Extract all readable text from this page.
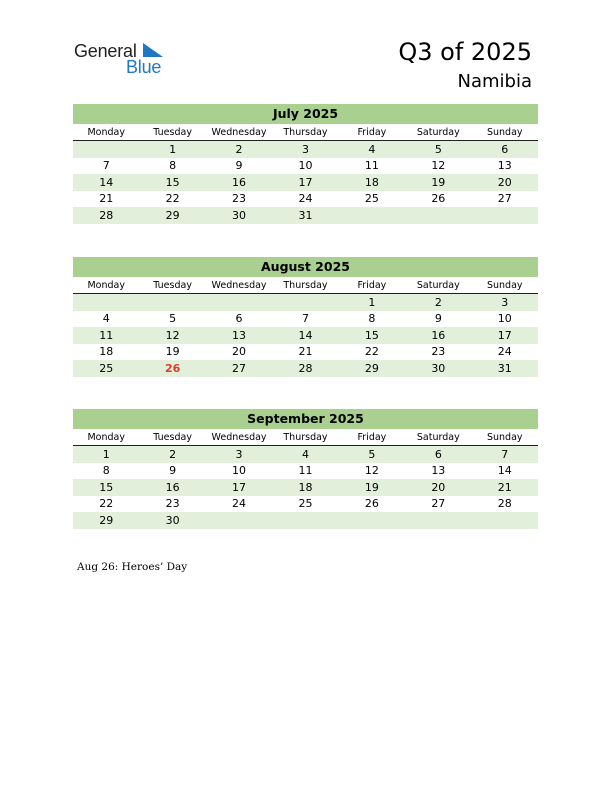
General
Blue
Q3 of 2025
Namibia
July 2025
Monday	Tuesday	Wednesday	Thursday	Friday	Saturday	Sunday
	1	2	3	4	5	6
7	8	9	10	11	12	13
14	15	16	17	18	19	20
21	22	23	24	25	26	27
28	29	30	31			
August 2025
Monday	Tuesday	Wednesday	Thursday	Friday	Saturday	Sunday
				1	2	3
4	5	6	7	8	9	10
11	12	13	14	15	16	17
18	19	20	21	22	23	24
25	26	27	28	29	30	31
September 2025
Monday	Tuesday	Wednesday	Thursday	Friday	Saturday	Sunday
1	2	3	4	5	6	7
8	9	10	11	12	13	14
15	16	17	18	19	20	21
22	23	24	25	26	27	28
29	30					
Aug 26: Heroes’ Day
